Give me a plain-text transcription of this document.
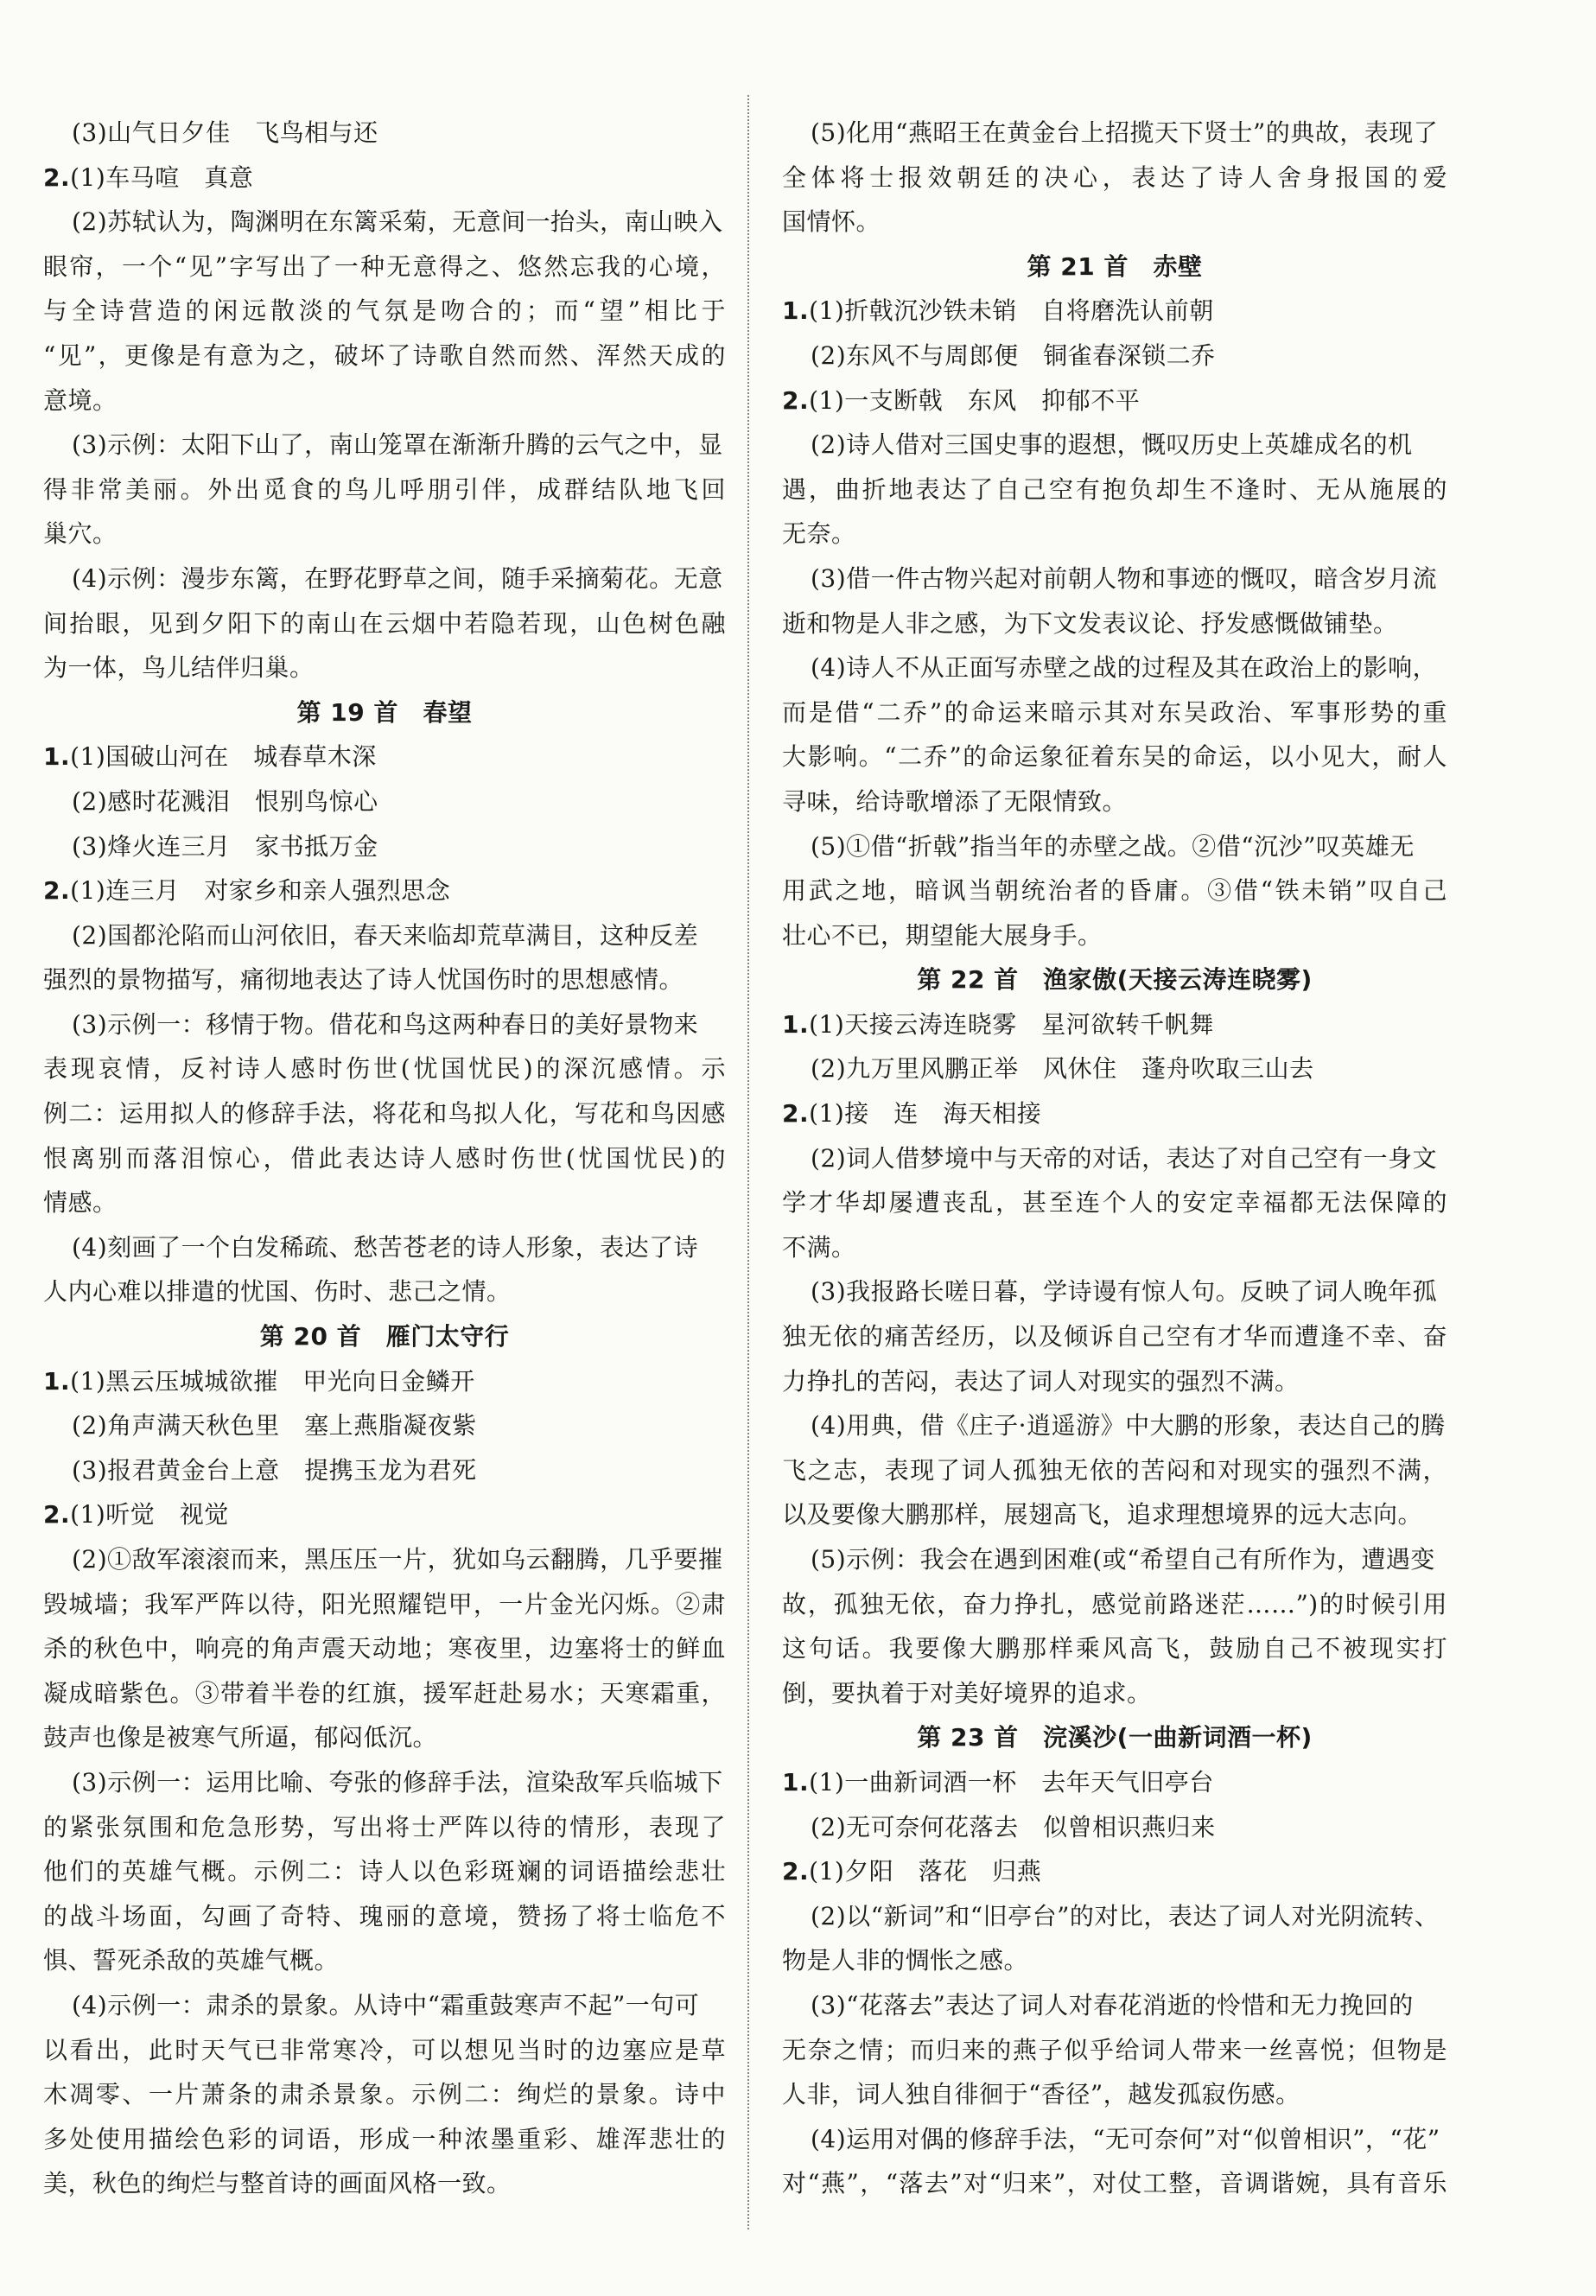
(3)山气日夕佳　飞鸟相与还
2.(1)车马喧　真意
(2)苏轼认为，陶渊明在东篱采菊，无意间一抬头，南山映入
眼帘，一个“见”字写出了一种无意得之、悠然忘我的心境，
与全诗营造的闲远散淡的气氛是吻合的；而“望”相比于
“见”，更像是有意为之，破坏了诗歌自然而然、浑然天成的
意境。
(3)示例：太阳下山了，南山笼罩在渐渐升腾的云气之中，显
得非常美丽。外出觅食的鸟儿呼朋引伴，成群结队地飞回
巢穴。
(4)示例：漫步东篱，在野花野草之间，随手采摘菊花。无意
间抬眼，见到夕阳下的南山在云烟中若隐若现，山色树色融
为一体，鸟儿结伴归巢。
第 19 首　春望
1.(1)国破山河在　城春草木深
(2)感时花溅泪　恨别鸟惊心
(3)烽火连三月　家书抵万金
2.(1)连三月　对家乡和亲人强烈思念
(2)国都沦陷而山河依旧，春天来临却荒草满目，这种反差
强烈的景物描写，痛彻地表达了诗人忧国伤时的思想感情。
(3)示例一：移情于物。借花和鸟这两种春日的美好景物来
表现哀情，反衬诗人感时伤世(忧国忧民)的深沉感情。示
例二：运用拟人的修辞手法，将花和鸟拟人化，写花和鸟因感
恨离别而落泪惊心，借此表达诗人感时伤世(忧国忧民)的
情感。
(4)刻画了一个白发稀疏、愁苦苍老的诗人形象，表达了诗
人内心难以排遣的忧国、伤时、悲己之情。
第 20 首　雁门太守行
1.(1)黑云压城城欲摧　甲光向日金鳞开
(2)角声满天秋色里　塞上燕脂凝夜紫
(3)报君黄金台上意　提携玉龙为君死
2.(1)听觉　视觉
(2)①敌军滚滚而来，黑压压一片，犹如乌云翻腾，几乎要摧
毁城墙；我军严阵以待，阳光照耀铠甲，一片金光闪烁。②肃
杀的秋色中，响亮的角声震天动地；寒夜里，边塞将士的鲜血
凝成暗紫色。③带着半卷的红旗，援军赶赴易水；天寒霜重，
鼓声也像是被寒气所逼，郁闷低沉。
(3)示例一：运用比喻、夸张的修辞手法，渲染敌军兵临城下
的紧张氛围和危急形势，写出将士严阵以待的情形，表现了
他们的英雄气概。示例二：诗人以色彩斑斓的词语描绘悲壮
的战斗场面，勾画了奇特、瑰丽的意境，赞扬了将士临危不
惧、誓死杀敌的英雄气概。
(4)示例一：肃杀的景象。从诗中“霜重鼓寒声不起”一句可
以看出，此时天气已非常寒冷，可以想见当时的边塞应是草
木凋零、一片萧条的肃杀景象。示例二：绚烂的景象。诗中
多处使用描绘色彩的词语，形成一种浓墨重彩、雄浑悲壮的
美，秋色的绚烂与整首诗的画面风格一致。
(5)化用“燕昭王在黄金台上招揽天下贤士”的典故，表现了
全体将士报效朝廷的决心，表达了诗人舍身报国的爱
国情怀。
第 21 首　赤壁
1.(1)折戟沉沙铁未销　自将磨洗认前朝
(2)东风不与周郎便　铜雀春深锁二乔
2.(1)一支断戟　东风　抑郁不平
(2)诗人借对三国史事的遐想，慨叹历史上英雄成名的机
遇，曲折地表达了自己空有抱负却生不逢时、无从施展的
无奈。
(3)借一件古物兴起对前朝人物和事迹的慨叹，暗含岁月流
逝和物是人非之感，为下文发表议论、抒发感慨做铺垫。
(4)诗人不从正面写赤壁之战的过程及其在政治上的影响，
而是借“二乔”的命运来暗示其对东吴政治、军事形势的重
大影响。“二乔”的命运象征着东吴的命运，以小见大，耐人
寻味，给诗歌增添了无限情致。
(5)①借“折戟”指当年的赤壁之战。②借“沉沙”叹英雄无
用武之地，暗讽当朝统治者的昏庸。③借“铁未销”叹自己
壮心不已，期望能大展身手。
第 22 首　渔家傲(天接云涛连晓雾)
1.(1)天接云涛连晓雾　星河欲转千帆舞
(2)九万里风鹏正举　风休住　蓬舟吹取三山去
2.(1)接　连　海天相接
(2)词人借梦境中与天帝的对话，表达了对自己空有一身文
学才华却屡遭丧乱，甚至连个人的安定幸福都无法保障的
不满。
(3)我报路长嗟日暮，学诗谩有惊人句。反映了词人晚年孤
独无依的痛苦经历，以及倾诉自己空有才华而遭逢不幸、奋
力挣扎的苦闷，表达了词人对现实的强烈不满。
(4)用典，借《庄子·逍遥游》中大鹏的形象，表达自己的腾
飞之志，表现了词人孤独无依的苦闷和对现实的强烈不满，
以及要像大鹏那样，展翅高飞，追求理想境界的远大志向。
(5)示例：我会在遇到困难(或“希望自己有所作为，遭遇变
故，孤独无依，奋力挣扎，感觉前路迷茫……”)的时候引用
这句话。我要像大鹏那样乘风高飞，鼓励自己不被现实打
倒，要执着于对美好境界的追求。
第 23 首　浣溪沙(一曲新词酒一杯)
1.(1)一曲新词酒一杯　去年天气旧亭台
(2)无可奈何花落去　似曾相识燕归来
2.(1)夕阳　落花　归燕
(2)以“新词”和“旧亭台”的对比，表达了词人对光阴流转、
物是人非的惆怅之感。
(3)“花落去”表达了词人对春花消逝的怜惜和无力挽回的
无奈之情；而归来的燕子似乎给词人带来一丝喜悦；但物是
人非，词人独自徘徊于“香径”，越发孤寂伤感。
(4)运用对偶的修辞手法，“无可奈何”对“似曾相识”，“花”
对“燕”，“落去”对“归来”，对仗工整，音调谐婉，具有音乐
